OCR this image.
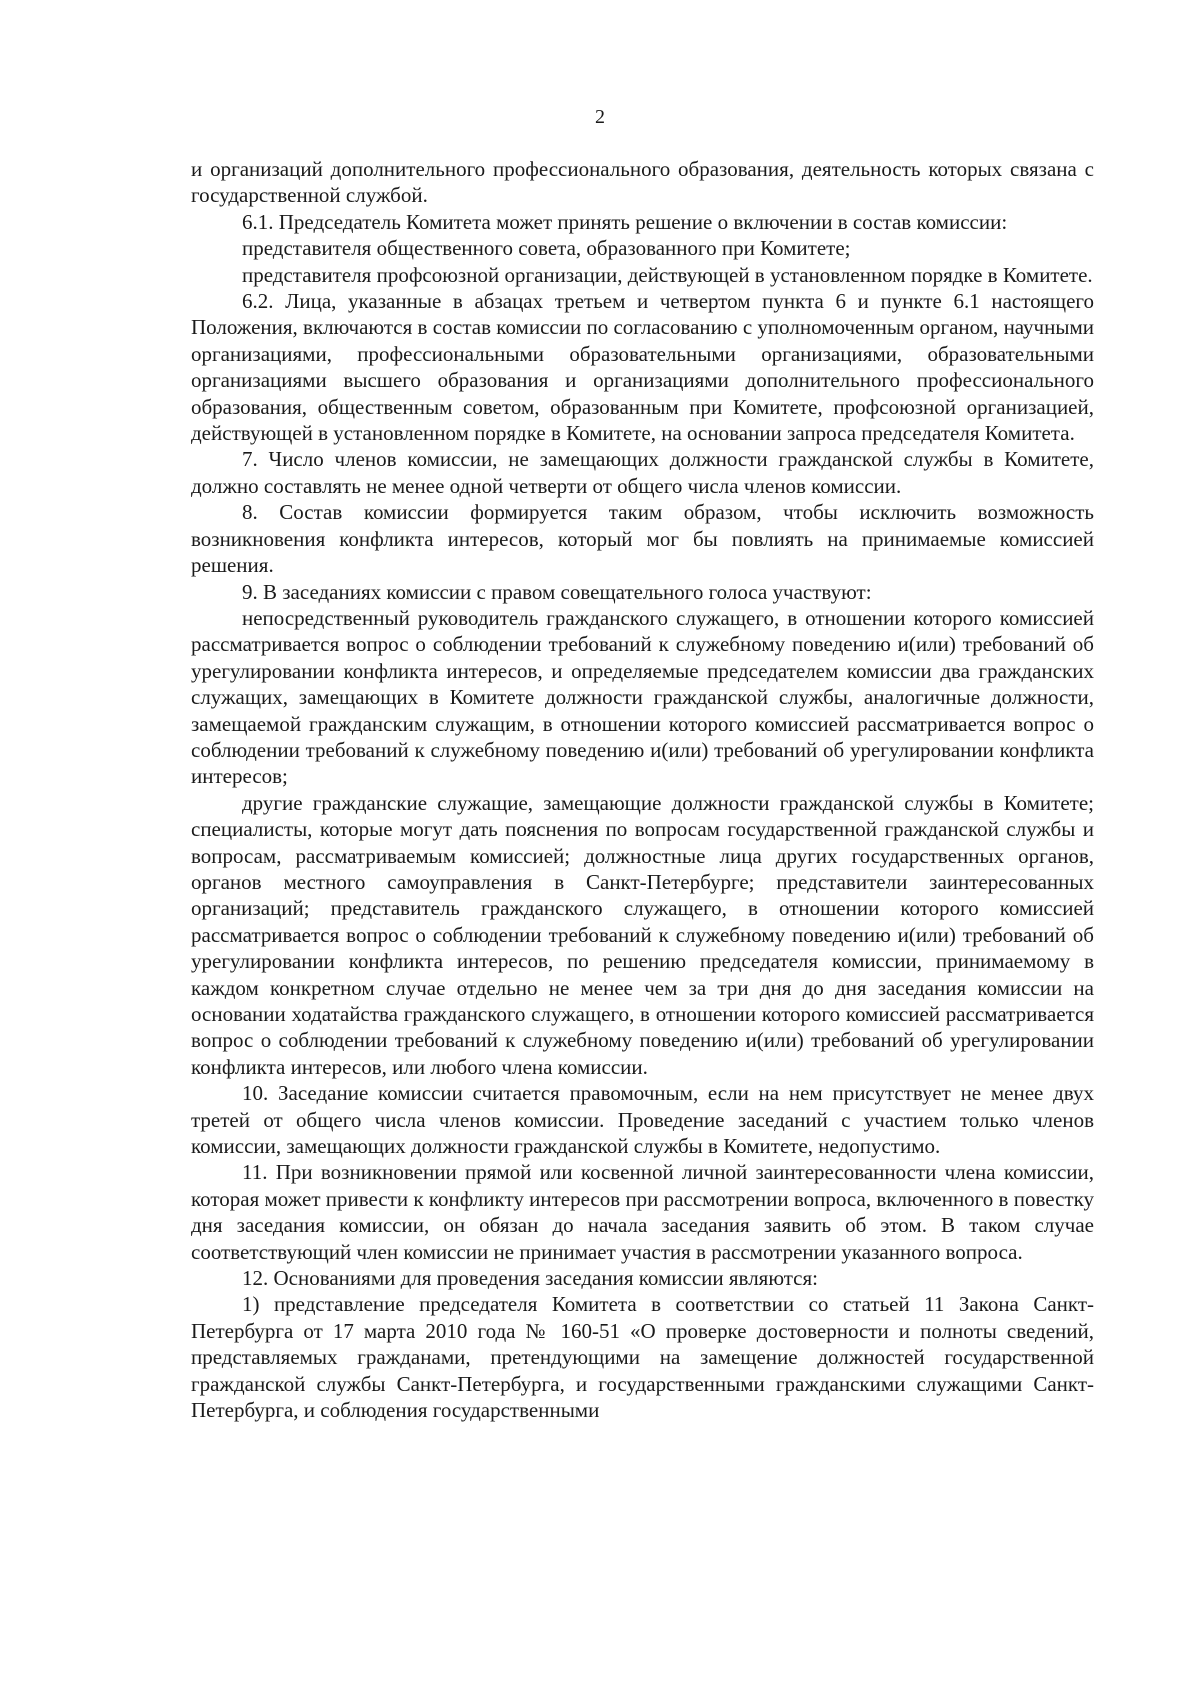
2

и организаций дополнительного профессионального образования, деятельность которых связана с государственной службой.

6.1. Председатель Комитета может принять решение о включении в состав комиссии:

представителя общественного совета, образованного при Комитете;

представителя профсоюзной организации, действующей в установленном порядке в Комитете.

6.2. Лица, указанные в абзацах третьем и четвертом пункта 6 и пункте 6.1 настоящего Положения, включаются в состав комиссии по согласованию с уполномоченным органом, научными организациями, профессиональными образовательными организациями, образовательными организациями высшего образования и организациями дополнительного профессионального образования, общественным советом, образованным при Комитете, профсоюзной организацией, действующей в установленном порядке в Комитете, на основании запроса председателя Комитета.

7. Число членов комиссии, не замещающих должности гражданской службы в Комитете, должно составлять не менее одной четверти от общего числа членов комиссии.

8. Состав комиссии формируется таким образом, чтобы исключить возможность возникновения конфликта интересов, который мог бы повлиять на принимаемые комиссией решения.

9. В заседаниях комиссии с правом совещательного голоса участвуют:

непосредственный руководитель гражданского служащего, в отношении которого комиссией рассматривается вопрос о соблюдении требований к служебному поведению и(или) требований об урегулировании конфликта интересов, и определяемые председателем комиссии два гражданских служащих, замещающих в Комитете должности гражданской службы, аналогичные должности, замещаемой гражданским служащим, в отношении которого комиссией рассматривается вопрос о соблюдении требований к служебному поведению и(или) требований об урегулировании конфликта интересов;

другие гражданские служащие, замещающие должности гражданской службы в Комитете; специалисты, которые могут дать пояснения по вопросам государственной гражданской службы и вопросам, рассматриваемым комиссией; должностные лица других государственных органов, органов местного самоуправления в Санкт-Петербурге; представители заинтересованных организаций; представитель гражданского служащего, в отношении которого комиссией рассматривается вопрос о соблюдении требований к служебному поведению и(или) требований об урегулировании конфликта интересов, по решению председателя комиссии, принимаемому в каждом конкретном случае отдельно не менее чем за три дня до дня заседания комиссии на основании ходатайства гражданского служащего, в отношении которого комиссией рассматривается вопрос о соблюдении требований к служебному поведению и(или) требований об урегулировании конфликта интересов, или любого члена комиссии.

10. Заседание комиссии считается правомочным, если на нем присутствует не менее двух третей от общего числа членов комиссии. Проведение заседаний с участием только членов комиссии, замещающих должности гражданской службы в Комитете, недопустимо.

11. При возникновении прямой или косвенной личной заинтересованности члена комиссии, которая может привести к конфликту интересов при рассмотрении вопроса, включенного в повестку дня заседания комиссии, он обязан до начала заседания заявить об этом. В таком случае соответствующий член комиссии не принимает участия в рассмотрении указанного вопроса.

12. Основаниями для проведения заседания комиссии являются:

1) представление председателя Комитета в соответствии со статьей 11 Закона Санкт-Петербурга от 17 марта 2010 года № 160-51 «О проверке достоверности и полноты сведений, представляемых гражданами, претендующими на замещение должностей государственной гражданской службы Санкт-Петербурга, и государственными гражданскими служащими Санкт-Петербурга, и соблюдения государственными
